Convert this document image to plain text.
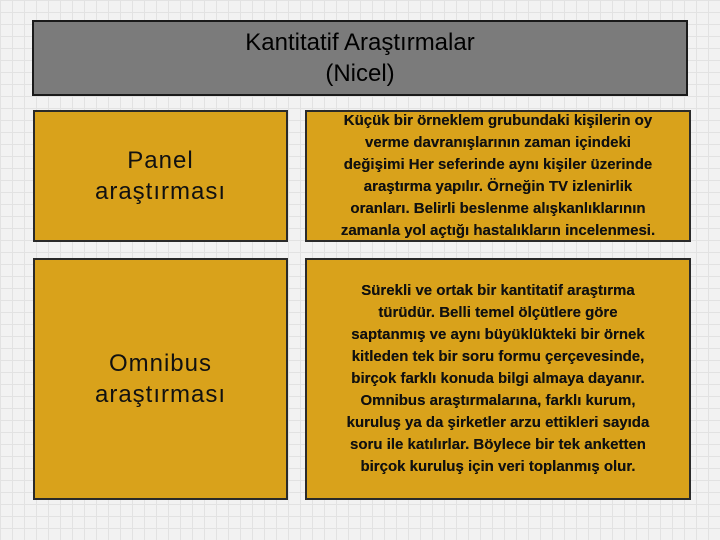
Kantitatif Araştırmalar
(Nicel)
Panel
araştırması
Küçük bir örneklem grubundaki kişilerin oy
verme davranışlarının zaman içindeki
değişimi Her seferinde aynı kişiler üzerinde
araştırma yapılır. Örneğin TV izlenirlik
oranları. Belirli beslenme alışkanlıklarının
zamanla yol açtığı hastalıkların incelenmesi.
Omnibus
araştırması
Sürekli ve ortak bir kantitatif araştırma
türüdür. Belli temel ölçütlere göre
saptanmış ve aynı büyüklükteki bir örnek
kitleden tek bir soru formu çerçevesinde,
birçok farklı konuda bilgi almaya dayanır.
Omnibus araştırmalarına, farklı kurum,
kuruluş ya da şirketler arzu ettikleri sayıda
soru ile katılırlar. Böylece bir tek anketten
birçok kuruluş için veri toplanmış olur.
